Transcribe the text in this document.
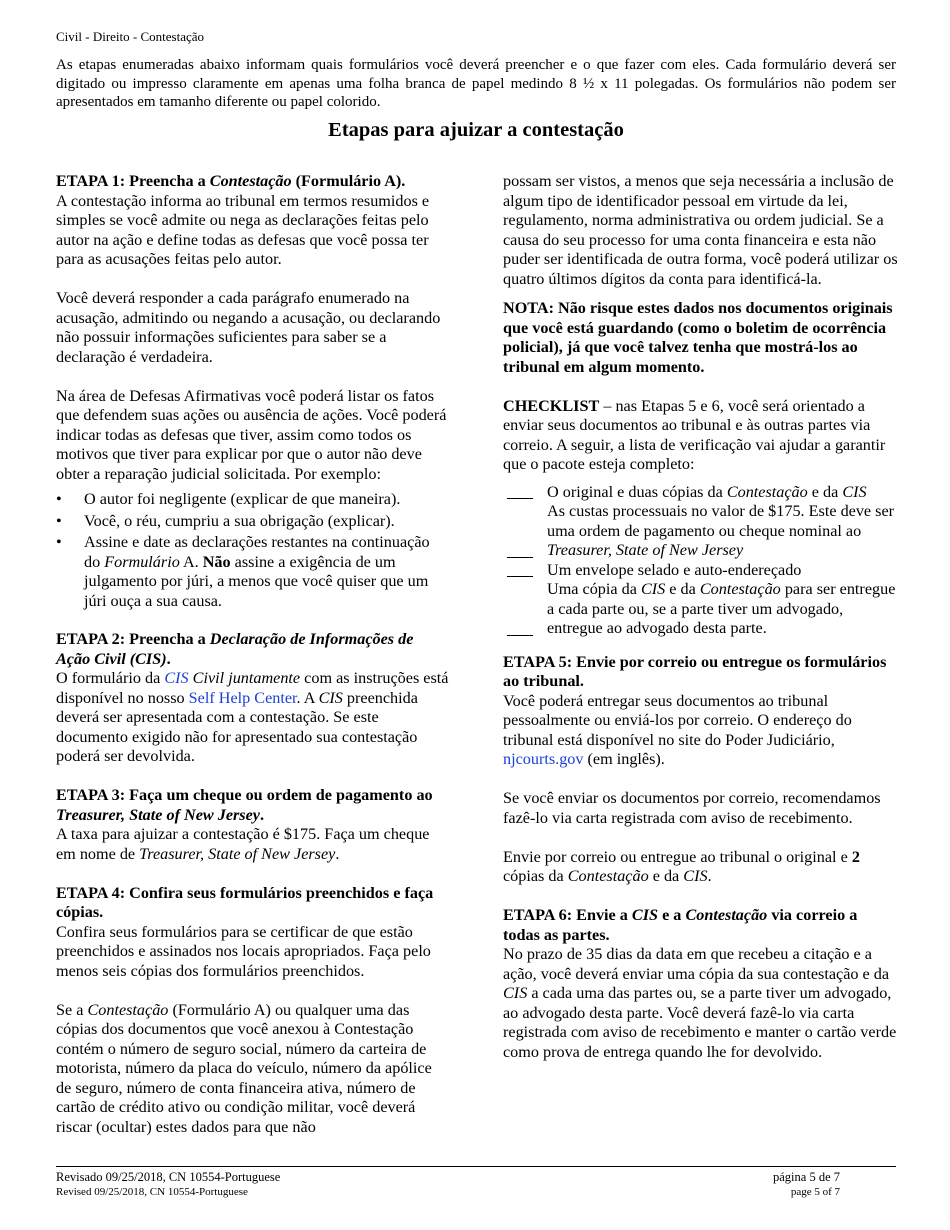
Civil - Direito - Contestação

As etapas enumeradas abaixo informam quais formulários você deverá preencher e o que fazer com eles. Cada formulário deverá ser digitado ou impresso claramente em apenas uma folha branca de papel medindo 8 ½ x 11 polegadas. Os formulários não podem ser apresentados em tamanho diferente ou papel colorido.

Etapas para ajuizar a contestação

ETAPA 1: Preencha a Contestação (Formulário A).

A contestação informa ao tribunal em termos resumidos e simples se você admite ou nega as declarações feitas pelo autor na ação e define todas as defesas que você possa ter para as acusações feitas pelo autor.

Você deverá responder a cada parágrafo enumerado na acusação, admitindo ou negando a acusação, ou declarando não possuir informações suficientes para saber se a declaração é verdadeira.

Na área de Defesas Afirmativas você poderá listar os fatos que defendem suas ações ou ausência de ações. Você poderá indicar todas as defesas que tiver, assim como todos os motivos que tiver para explicar por que o autor não deve obter a reparação judicial solicitada. Por exemplo:

• O autor foi negligente (explicar de que maneira).
• Você, o réu, cumpriu a sua obrigação (explicar).
• Assine e date as declarações restantes na continuação do Formulário A. Não assine a exigência de um julgamento por júri, a menos que você quiser que um júri ouça a sua causa.

ETAPA 2: Preencha a Declaração de Informações de Ação Civil (CIS).

O formulário da CIS Civil juntamente com as instruções está disponível no nosso Self Help Center. A CIS preenchida deverá ser apresentada com a contestação. Se este documento exigido não for apresentado sua contestação poderá ser devolvida.

ETAPA 3: Faça um cheque ou ordem de pagamento ao Treasurer, State of New Jersey.

A taxa para ajuizar a contestação é $175. Faça um cheque em nome de Treasurer, State of New Jersey.

ETAPA 4: Confira seus formulários preenchidos e faça cópias.

Confira seus formulários para se certificar de que estão preenchidos e assinados nos locais apropriados. Faça pelo menos seis cópias dos formulários preenchidos.

Se a Contestação (Formulário A) ou qualquer uma das cópias dos documentos que você anexou à Contestação contém o número de seguro social, número da carteira de motorista, número da placa do veículo, número da apólice de seguro, número de conta financeira ativa, número de cartão de crédito ativo ou condição militar, você deverá riscar (ocultar) estes dados para que não

possam ser vistos, a menos que seja necessária a inclusão de algum tipo de identificador pessoal em virtude da lei, regulamento, norma administrativa ou ordem judicial. Se a causa do seu processo for uma conta financeira e esta não puder ser identificada de outra forma, você poderá utilizar os quatro últimos dígitos da conta para identificá-la.

NOTA: Não risque estes dados nos documentos originais que você está guardando (como o boletim de ocorrência policial), já que você talvez tenha que mostrá-los ao tribunal em algum momento.

CHECKLIST – nas Etapas 5 e 6, você será orientado a enviar seus documentos ao tribunal e às outras partes via correio. A seguir, a lista de verificação vai ajudar a garantir que o pacote esteja completo:

O original e duas cópias da Contestação e da CIS
As custas processuais no valor de $175. Este deve ser uma ordem de pagamento ou cheque nominal ao Treasurer, State of New Jersey
Um envelope selado e auto-endereçado
Uma cópia da CIS e da Contestação para ser entregue a cada parte ou, se a parte tiver um advogado, entregue ao advogado desta parte.

ETAPA 5: Envie por correio ou entregue os formulários ao tribunal.

Você poderá entregar seus documentos ao tribunal pessoalmente ou enviá-los por correio. O endereço do tribunal está disponível no site do Poder Judiciário, njcourts.gov (em inglês).

Se você enviar os documentos por correio, recomendamos fazê-lo via carta registrada com aviso de recebimento.

Envie por correio ou entregue ao tribunal o original e 2 cópias da Contestação e da CIS.

ETAPA 6: Envie a CIS e a Contestação via correio a todas as partes.

No prazo de 35 dias da data em que recebeu a citação e a ação, você deverá enviar uma cópia da sua contestação e da CIS a cada uma das partes ou, se a parte tiver um advogado, ao advogado desta parte. Você deverá fazê-lo via carta registrada com aviso de recebimento e manter o cartão verde como prova de entrega quando lhe for devolvido.

Revisado 09/25/2018, CN 10554-Portuguese	página 5 de 7
Revised 09/25/2018, CN 10554-Portuguese	page 5 of 7
